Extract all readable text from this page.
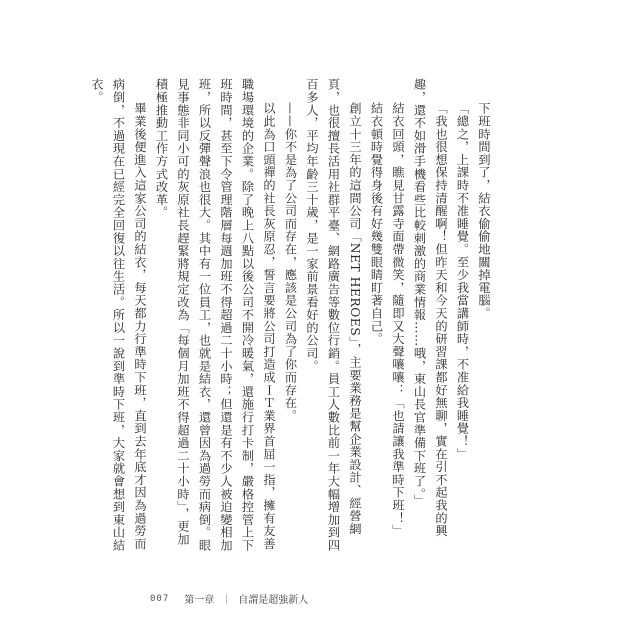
下班時間到了，結衣偷偷地關掉電腦。

「總之，上課時不准睡覺。至少我當講師時，不准給我睡覺！」

「我也很想保持清醒啊！但昨天和今天的研習課都好無聊，實在引不起我的興趣，還不如滑手機看些比較刺激的商業情報……哦，東山長官準備下班了。」

結衣回頭，瞧見甘露寺面帶微笑，隨即又大聲嚷嚷：「也請讓我準時下班！」

結衣頓時覺得身後有好幾雙眼睛盯著自己。

創立十三年的這間公司「NET HEROES」，主要業務是幫企業設計、經營網頁，也很擅長活用社群平臺、網路廣告等數位行銷。員工人數比前一年大幅增加到四百多人，平均年齡三十歲，是一家前景看好的公司。

——你不是為了公司而存在，應該是公司為了你而存在。

以此為口頭禪的社長灰原忍，誓言要將公司打造成ＩＴ業界首屈一指，擁有友善職場環境的企業。除了晚上八點以後公司不開冷暖氣，還施行打卡制，嚴格控管上下班時間，甚至下令管理階層每週加班不得超過二十小時；但還是有不少人被迫變相加班，所以反彈聲浪也很大。其中有一位員工，也就是結衣，還曾因為過勞而病倒。眼見事態非同小可的灰原社長趕緊將規定改為「每個月加班不得超過二十小時」，更加積極推動工作方式改革。

畢業後便進入這家公司的結衣，每天都力行準時下班，直到去年底才因為過勞而病倒，不過現在已經完全回復以往生活。所以一說到準時下班，大家就會想到東山結衣。

007 第一章 ｜ 自謂是超強新人
